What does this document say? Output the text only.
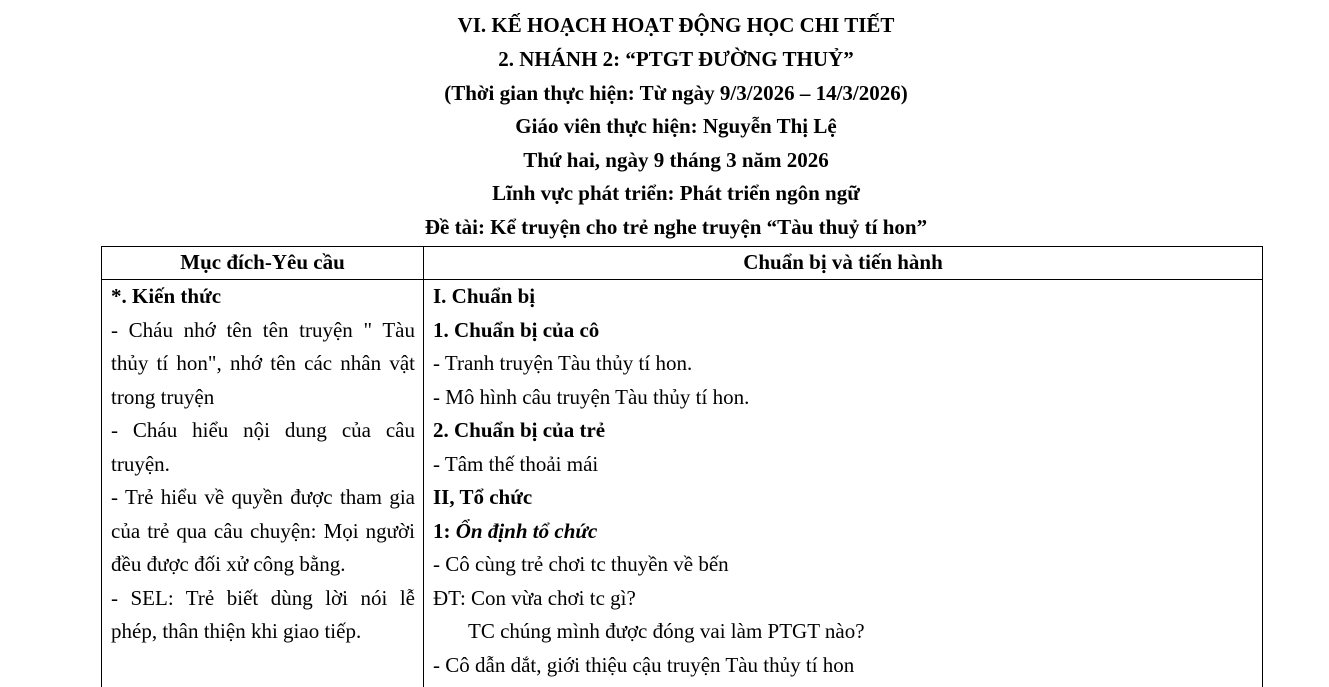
VI. KẾ HOẠCH HOẠT ĐỘNG HỌC CHI TIẾT
2. NHÁNH 2: “PTGT ĐƯỜNG THUỶ”
(Thời gian thực hiện: Từ ngày 9/3/2026 – 14/3/2026)
Giáo viên thực hiện: Nguyễn Thị Lệ
Thứ hai, ngày 9 tháng 3 năm 2026
Lĩnh vực phát triển: Phát triển ngôn ngữ
Đề tài: Kể truyện cho trẻ nghe truyện “Tàu thuỷ tí hon”
Mục đích-Yêu cầu	Chuẩn bị và tiến hành
*. Kiến thức
- Cháu nhớ tên tên truyện " Tàu thủy tí hon", nhớ tên các nhân vật trong truyện
- Cháu hiểu nội dung của câu truyện.
- Trẻ hiểu về quyền được tham gia của trẻ qua câu chuyện: Mọi người đều được đối xử công bằng.
- SEL: Trẻ biết dùng lời nói lễ phép, thân thiện khi giao tiếp.
I. Chuẩn bị
1. Chuẩn bị của cô
- Tranh truyện Tàu thủy tí hon.
- Mô hình câu truyện Tàu thủy tí hon.
2. Chuẩn bị của trẻ
- Tâm thế thoải mái
II, Tổ chức
1: Ổn định tổ chức
- Cô cùng trẻ chơi tc thuyền về bến
ĐT: Con vừa chơi tc gì?
TC chúng mình được đóng vai làm PTGT nào?
- Cô dẫn dắt, giới thiệu cậu truyện Tàu thủy tí hon
